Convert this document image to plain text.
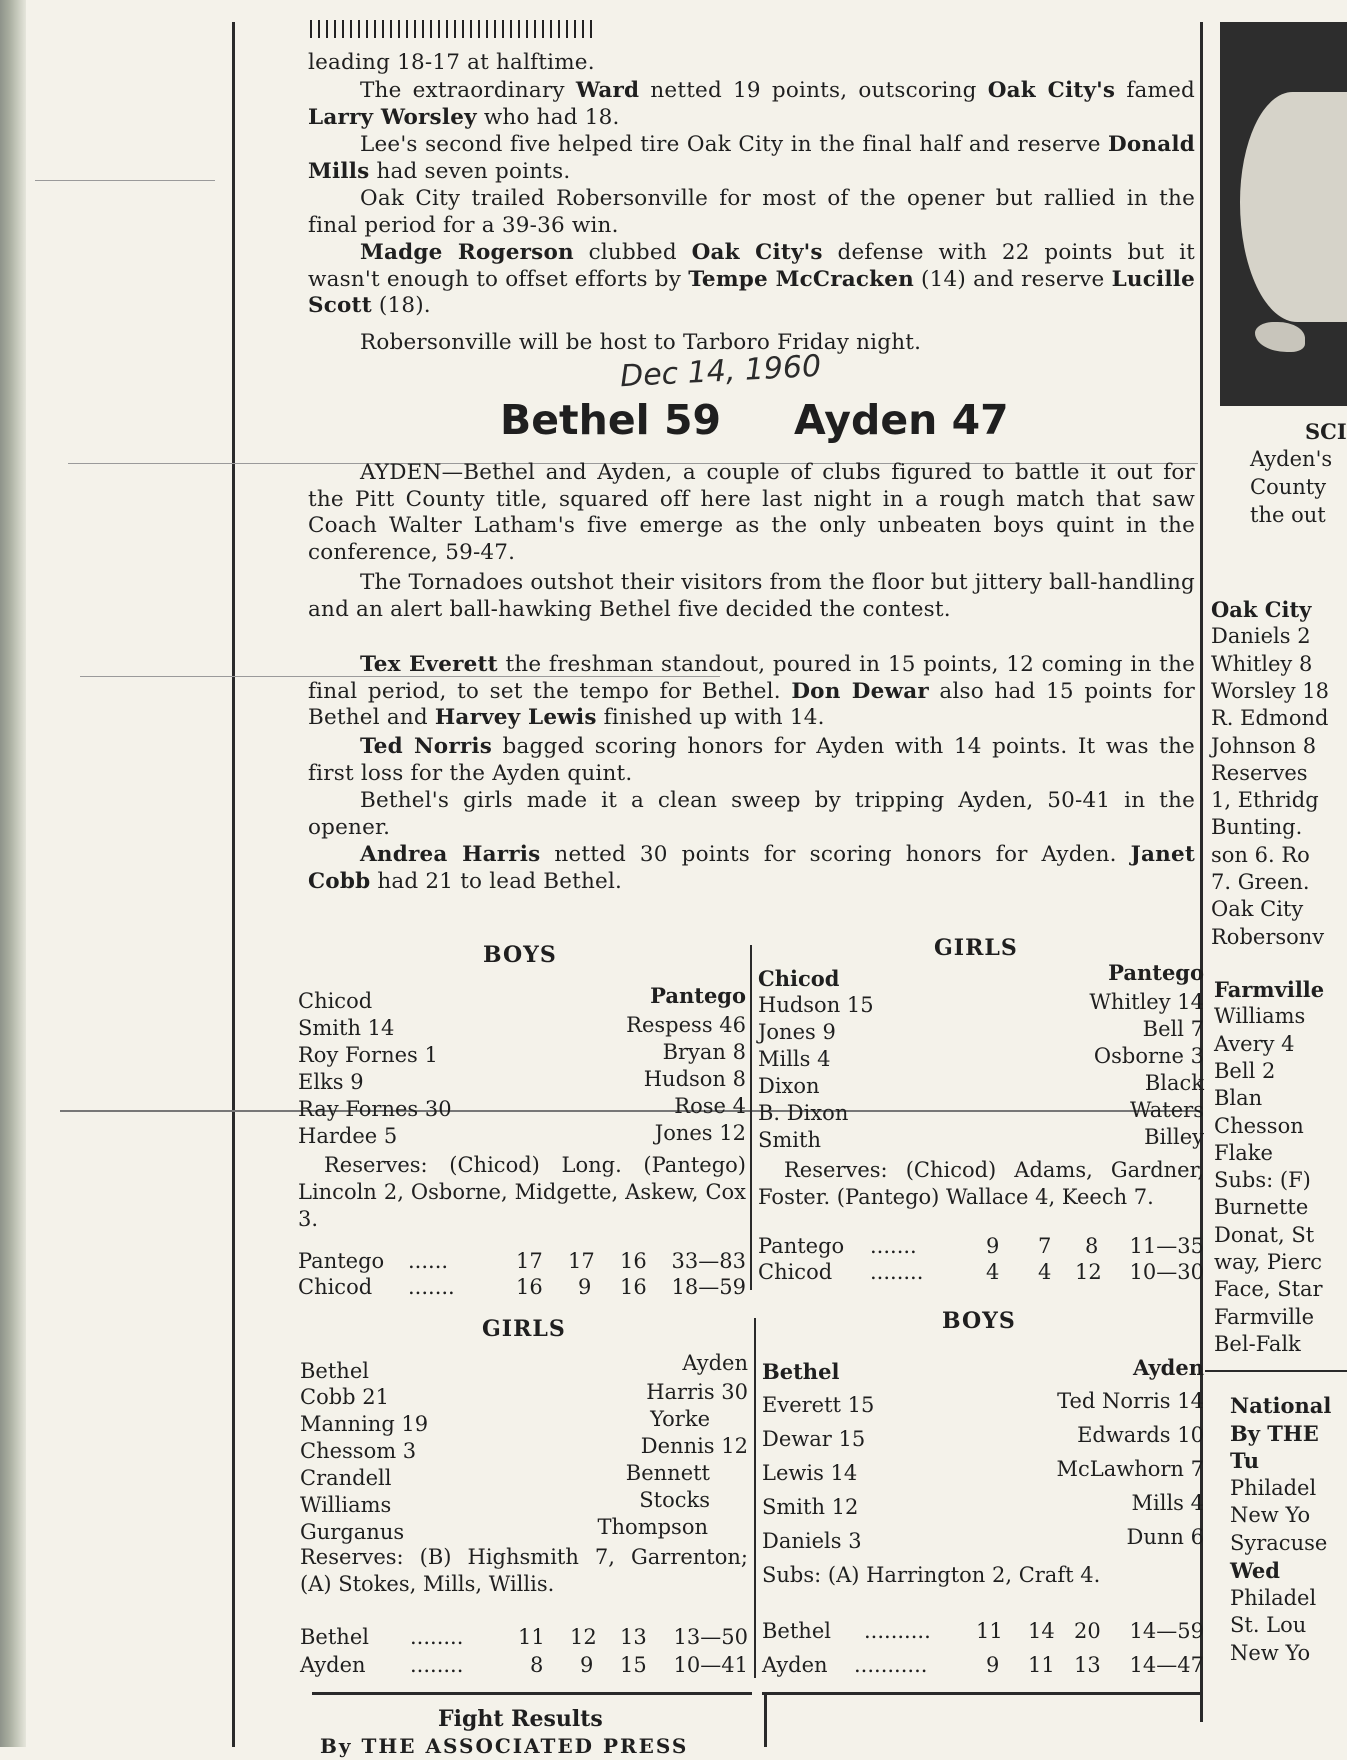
leading 18-17 at halftime.

The extraordinary Ward netted 19 points, outscoring Oak City's famed Larry Worsley who had 18.

Lee's second five helped tire Oak City in the final half and reserve Donald Mills had seven points.

Oak City trailed Robersonville for most of the opener but rallied in the final period for a 39-36 win.

Madge Rogerson clubbed Oak City's defense with 22 points but it wasn't enough to offset efforts by Tempe McCracken (14) and reserve Lucille Scott (18).

Robersonville will be host to Tarboro Friday night.

Dec 14, 1960
Bethel 59 Ayden 47

AYDEN—Bethel and Ayden, a couple of clubs figured to battle it out for the Pitt County title, squared off here last night in a rough match that saw Coach Walter Latham's five emerge as the only unbeaten boys quint in the conference, 59-47.

The Tornadoes outshot their visitors from the floor but jittery ball-handling and an alert ball-hawking Bethel five decided the contest.

Tex Everett the freshman standout, poured in 15 points, 12 coming in the final period, to set the tempo for Bethel. Don Dewar also had 15 points for Bethel and Harvey Lewis finished up with 14.

Ted Norris bagged scoring honors for Ayden with 14 points. It was the first loss for the Ayden quint.

Bethel's girls made it a clean sweep by tripping Ayden, 50-41 in the opener.

Andrea Harris netted 30 points for scoring honors for Ayden. Janet Cobb had 21 to lead Bethel.

BOYS
Chicod	Pantego
Smith 14	Respess 46
Roy Fornes 1	Bryan 8
Elks 9	Hudson 8
Ray Fornes 30	Rose 4
Hardee 5	Jones 12
Reserves: (Chicod) Long. (Pantego) Lincoln 2, Osborne, Midgette, Askew, Cox 3.
Pantego ......	17 17 16 33—83
Chicod .......	16 9 16 18—59
GIRLS
Chicod	Pantego
Hudson 15	Whitley 14
Jones 9	Bell 7
Mills 4	Osborne 3
Dixon	Black
B. Dixon	Waters
Smith	Billey
Reserves: (Chicod) Adams, Gardner, Foster. (Pantego) Wallace 4, Keech 7.
Pantego .......	9 7 8 11—35
Chicod ........	4 4 12 10—30
GIRLS
Bethel	Ayden
Cobb 21	Harris 30
Manning 19	Yorke
Chessom 3	Dennis 12
Crandell	Bennett
Williams	Stocks
Gurganus	Thompson
Reserves: (B) Highsmith 7, Garrenton; (A) Stokes, Mills, Willis.
Bethel ........	11 12 13 13—50
Ayden ........	8 9 15 10—41
BOYS
Bethel	Ayden
Everett 15	Ted Norris 14
Dewar 15	Edwards 10
Lewis 14	McLawhorn 7
Smith 12	Mills 4
Daniels 3	Dunn 6
Subs: (A) Harrington 2, Craft 4.
Bethel .......... 11 14 20 14—59
Ayden ...........	9 11 13 14—47
Fight Results
By THE ASSOCIATED PRESS
SCI
Ayden's
County
the out
Oak City
Daniels 2
Whitley 8
Worsley 18
R. Edmond
Johnson 8
Reserves
1, Ethridg
Bunting.
son 6. Ro
7. Green.
Oak City
Robersonv
Farmville
Williams
Avery 4
Bell 2
Blan
Chesson
Flake
Subs: (F)
Burnette
Donat, St
way, Pierc
Face, Star
Farmville
Bel-Falk
National
By THE
Tu
Philadel
New Yo
Syracuse
Wed
Philadel
St. Lou
New Yo
